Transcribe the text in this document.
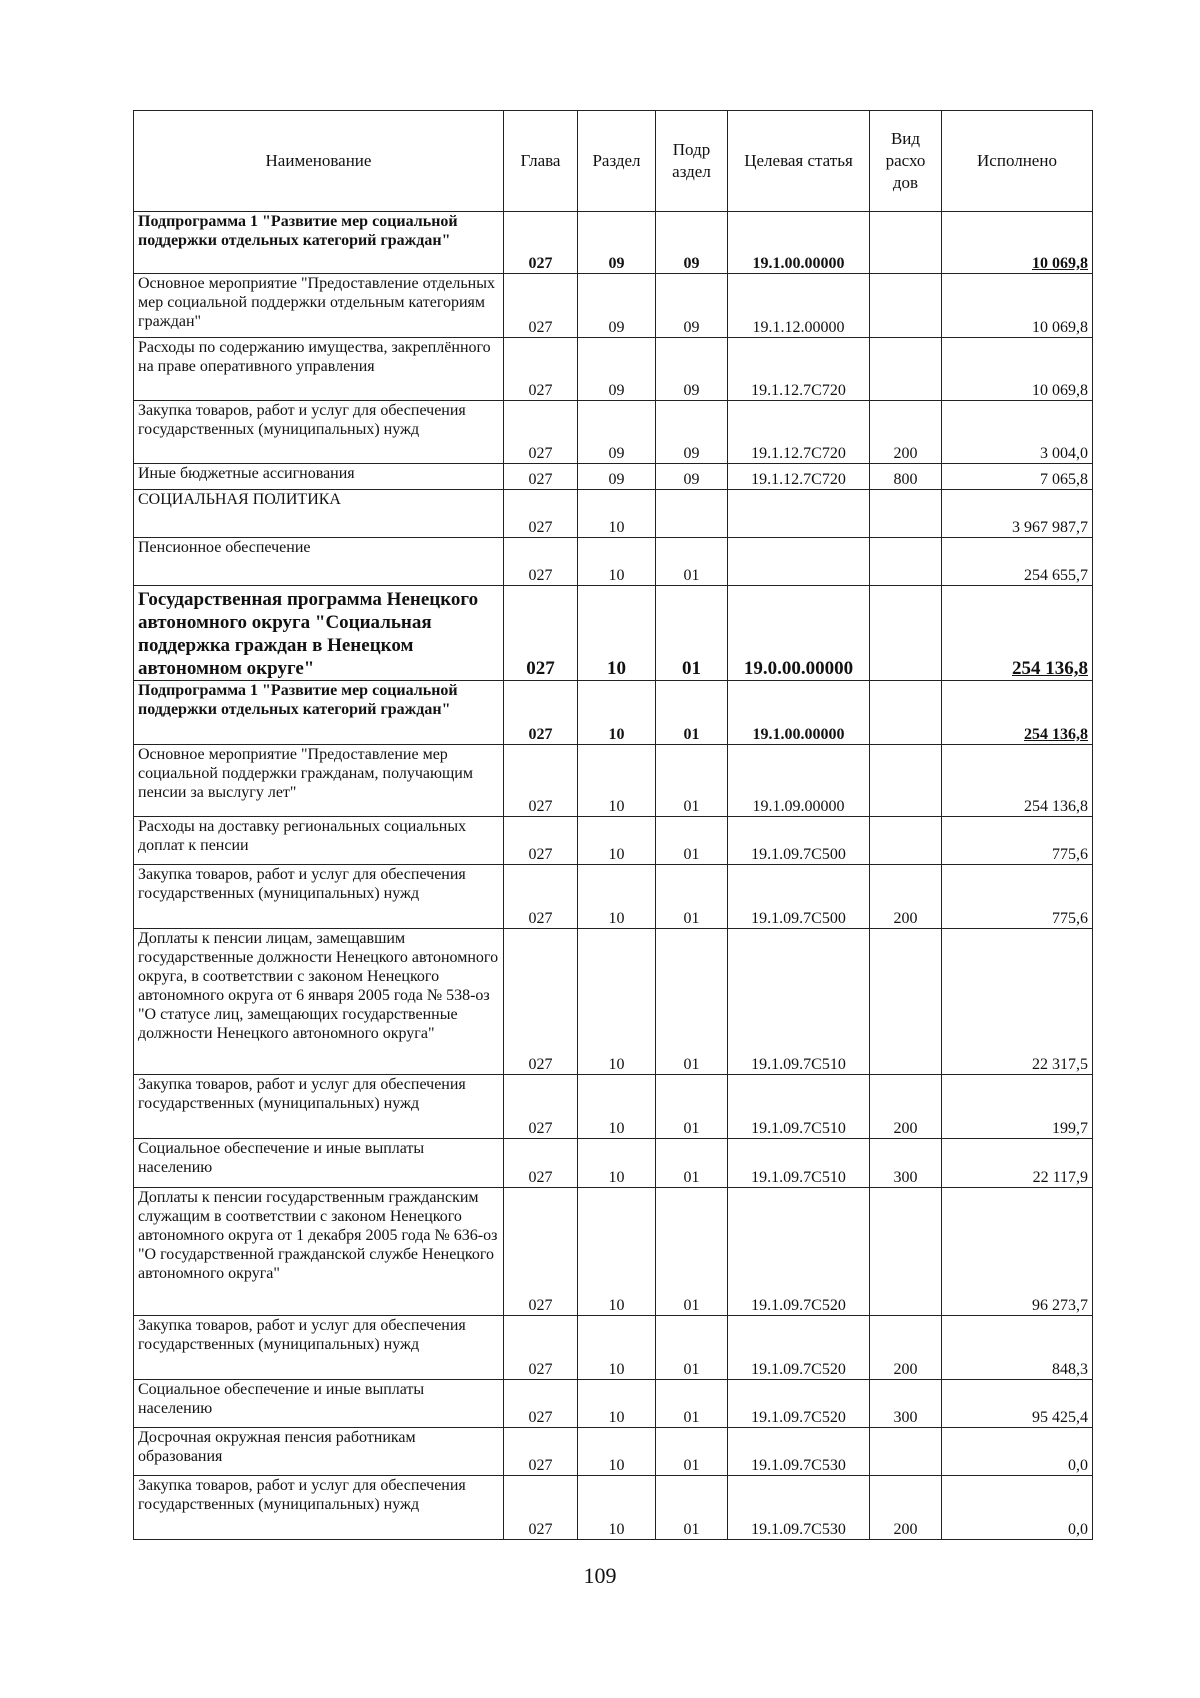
Наименование	Глава	Раздел	Подр аздел	Целевая статья	Вид расхо дов	Исполнено
Подпрограмма 1 "Развитие мер социальной поддержки отдельных категорий граждан"	027	09	09	19.1.00.00000		10 069,8
Основное мероприятие "Предоставление отдельных мер социальной поддержки отдельным категориям граждан"	027	09	09	19.1.12.00000		10 069,8
Расходы по содержанию имущества, закреплённого на праве оперативного управления	027	09	09	19.1.12.7С720		10 069,8
Закупка товаров, работ и услуг для обеспечения государственных (муниципальных) нужд	027	09	09	19.1.12.7С720	200	3 004,0
Иные бюджетные ассигнования	027	09	09	19.1.12.7С720	800	7 065,8
СОЦИАЛЬНАЯ ПОЛИТИКА	027	10				3 967 987,7
Пенсионное обеспечение	027	10	01			254 655,7
Государственная программа Ненецкого автономного округа "Социальная поддержка граждан в Ненецком автономном округе"	027	10	01	19.0.00.00000		254 136,8
Подпрограмма 1 "Развитие мер социальной поддержки отдельных категорий граждан"	027	10	01	19.1.00.00000		254 136,8
Основное мероприятие "Предоставление мер социальной поддержки гражданам, получающим пенсии за выслугу лет"	027	10	01	19.1.09.00000		254 136,8
Расходы на доставку региональных социальных доплат к пенсии	027	10	01	19.1.09.7С500		775,6
Закупка товаров, работ и услуг для обеспечения государственных (муниципальных) нужд	027	10	01	19.1.09.7С500	200	775,6
Доплаты к пенсии лицам, замещавшим государственные должности Ненецкого автономного округа, в соответствии с законом Ненецкого автономного округа от 6 января 2005 года № 538-оз "О статусе лиц, замещающих государственные должности Ненецкого автономного округа"	027	10	01	19.1.09.7С510		22 317,5
Закупка товаров, работ и услуг для обеспечения государственных (муниципальных) нужд	027	10	01	19.1.09.7С510	200	199,7
Социальное обеспечение и иные выплаты населению	027	10	01	19.1.09.7С510	300	22 117,9
Доплаты к пенсии государственным гражданским служащим в соответствии с законом Ненецкого автономного округа от 1 декабря 2005 года № 636-оз "О государственной гражданской службе Ненецкого автономного округа"	027	10	01	19.1.09.7С520		96 273,7
Закупка товаров, работ и услуг для обеспечения государственных (муниципальных) нужд	027	10	01	19.1.09.7С520	200	848,3
Социальное обеспечение и иные выплаты населению	027	10	01	19.1.09.7С520	300	95 425,4
Досрочная окружная пенсия работникам образования	027	10	01	19.1.09.7С530		0,0
Закупка товаров, работ и услуг для обеспечения государственных (муниципальных) нужд	027	10	01	19.1.09.7С530	200	0,0
109
